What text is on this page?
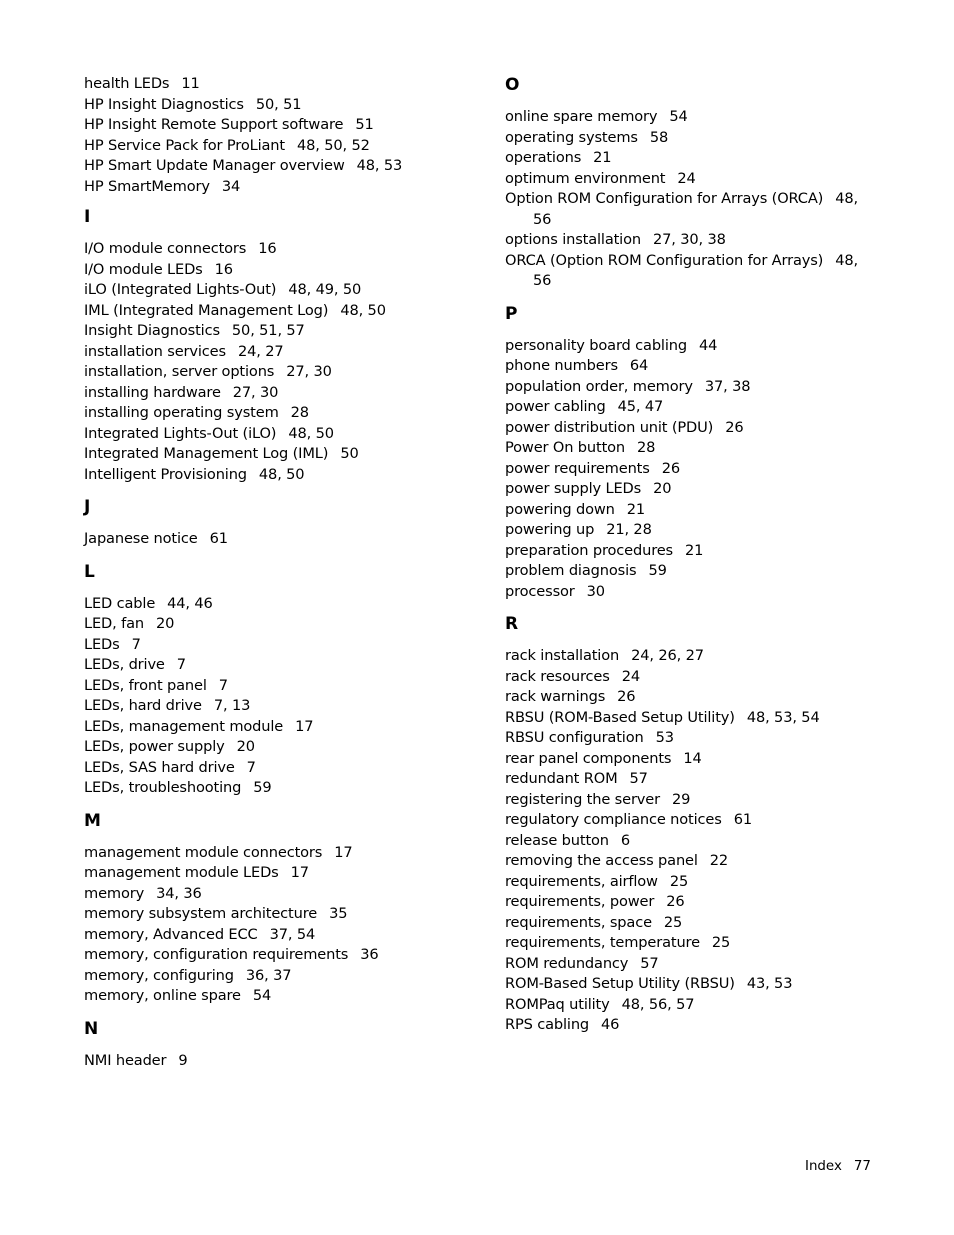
health LEDs 11
HP Insight Diagnostics 50, 51
HP Insight Remote Support software 51
HP Service Pack for ProLiant 48, 50, 52
HP Smart Update Manager overview 48, 53
HP SmartMemory 34
I
I/O module connectors 16
I/O module LEDs 16
iLO (Integrated Lights-Out) 48, 49, 50
IML (Integrated Management Log) 48, 50
Insight Diagnostics 50, 51, 57
installation services 24, 27
installation, server options 27, 30
installing hardware 27, 30
installing operating system 28
Integrated Lights-Out (iLO) 48, 50
Integrated Management Log (IML) 50
Intelligent Provisioning 48, 50
J
Japanese notice 61
L
LED cable 44, 46
LED, fan 20
LEDs 7
LEDs, drive 7
LEDs, front panel 7
LEDs, hard drive 7, 13
LEDs, management module 17
LEDs, power supply 20
LEDs, SAS hard drive 7
LEDs, troubleshooting 59
M
management module connectors 17
management module LEDs 17
memory 34, 36
memory subsystem architecture 35
memory, Advanced ECC 37, 54
memory, configuration requirements 36
memory, configuring 36, 37
memory, online spare 54
N
NMI header 9
O
online spare memory 54
operating systems 58
operations 21
optimum environment 24
Option ROM Configuration for Arrays (ORCA) 48,
56
options installation 27, 30, 38
ORCA (Option ROM Configuration for Arrays) 48,
56
P
personality board cabling 44
phone numbers 64
population order, memory 37, 38
power cabling 45, 47
power distribution unit (PDU) 26
Power On button 28
power requirements 26
power supply LEDs 20
powering down 21
powering up 21, 28
preparation procedures 21
problem diagnosis 59
processor 30
R
rack installation 24, 26, 27
rack resources 24
rack warnings 26
RBSU (ROM-Based Setup Utility) 48, 53, 54
RBSU configuration 53
rear panel components 14
redundant ROM 57
registering the server 29
regulatory compliance notices 61
release button 6
removing the access panel 22
requirements, airflow 25
requirements, power 26
requirements, space 25
requirements, temperature 25
ROM redundancy 57
ROM-Based Setup Utility (RBSU) 43, 53
ROMPaq utility 48, 56, 57
RPS cabling 46
Index 77
